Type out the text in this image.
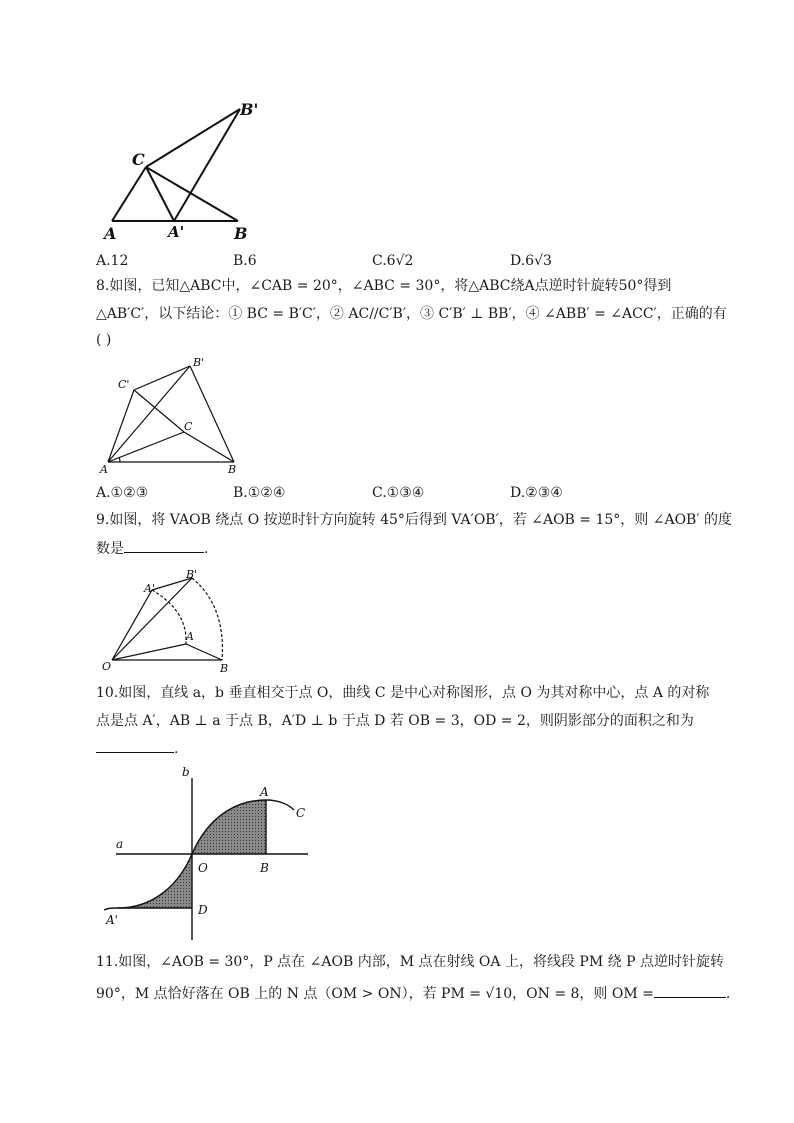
A	A'	B
B'
C
A.12	B.6	C.6√2	D.6√3
8.如图，已知△ABC中，∠CAB = 20°，∠ABC = 30°，将△ABC绕A点逆时针旋转50°得到
△AB′C′，以下结论：① BC = B′C′，② AC//C′B′，③ C′B′ ⊥ BB′，④ ∠ABB′ = ∠ACC′，正确的有
( )
A	B
C
B'
C'
A.①②③	B.①②④	C.①③④	D.②③④
9.如图，将 VAOB 绕点 O 按逆时针方向旋转 45°后得到 VA′OB′，若 ∠AOB = 15°，则 ∠AOB′ 的度
数是	.
O	B
A
A'
B'
10.如图，直线 a，b 垂直相交于点 O，曲线 C 是中心对称图形，点 O 为其对称中心，点 A 的对称
点是点 A′，AB ⊥ a 于点 B，A′D ⊥ b 于点 D 若 OB = 3，OD = 2，则阴影部分的面积之和为
.
a
b
A
C
O	B
D
A'
11.如图，∠AOB = 30°，P 点在 ∠AOB 内部，M 点在射线 OA 上，将线段 PM 绕 P 点逆时针旋转
90°，M 点恰好落在 OB 上的 N 点（OM > ON），若 PM = √10，ON = 8，则 OM =	.
